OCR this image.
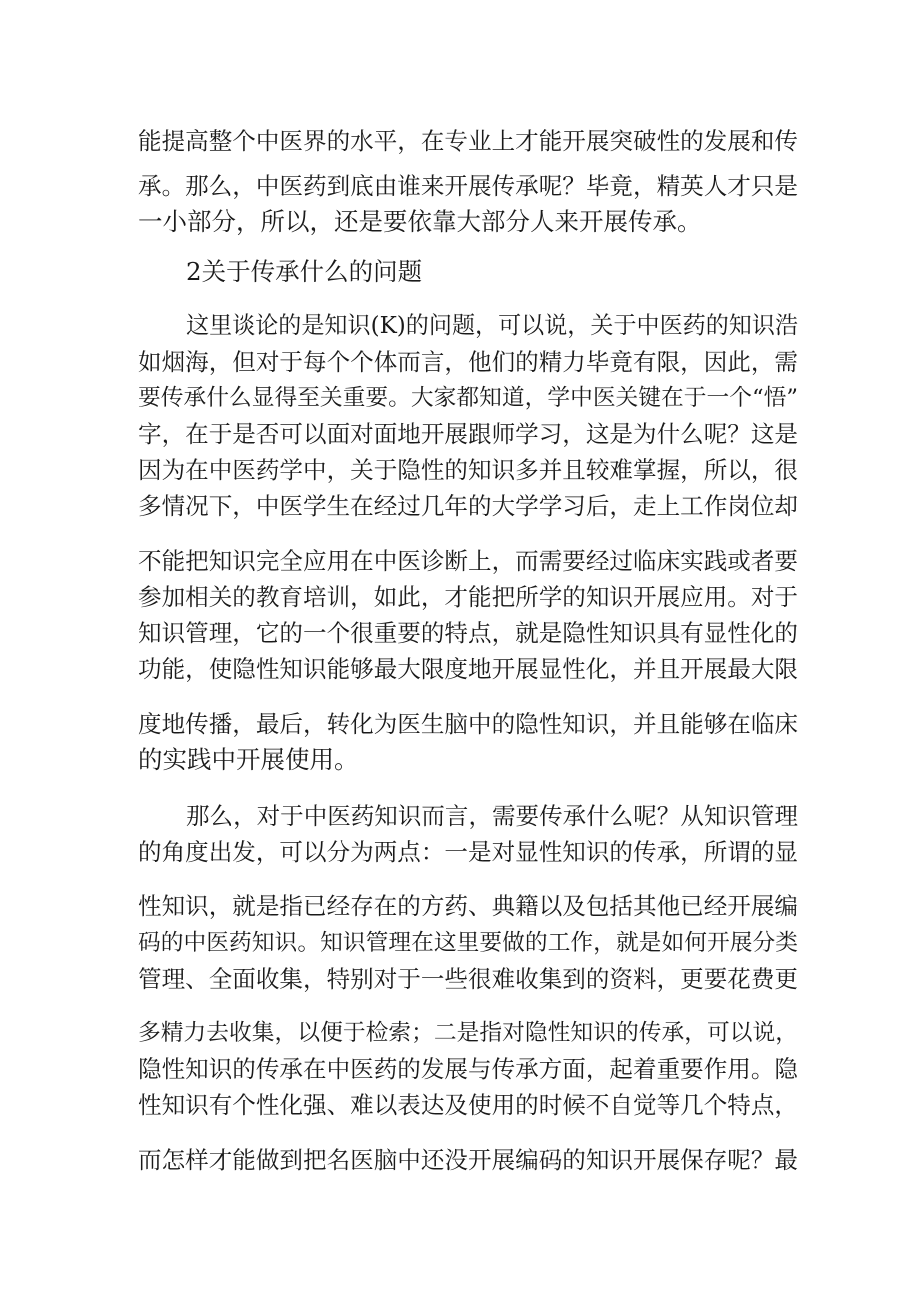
能提高整个中医界的水平，在专业上才能开展突破性的发展和传
承。那么，中医药到底由谁来开展传承呢？毕竟，精英人才只是
一小部分，所以，还是要依靠大部分人来开展传承。
2关于传承什么的问题
这里谈论的是知识(K)的问题，可以说，关于中医药的知识浩
如烟海，但对于每个个体而言，他们的精力毕竟有限，因此，需
要传承什么显得至关重要。大家都知道，学中医关键在于一个“悟”
字，在于是否可以面对面地开展跟师学习，这是为什么呢？这是
因为在中医药学中，关于隐性的知识多并且较难掌握，所以，很
多情况下，中医学生在经过几年的大学学习后，走上工作岗位却
不能把知识完全应用在中医诊断上，而需要经过临床实践或者要
参加相关的教育培训，如此，才能把所学的知识开展应用。对于
知识管理，它的一个很重要的特点，就是隐性知识具有显性化的
功能，使隐性知识能够最大限度地开展显性化，并且开展最大限
度地传播，最后，转化为医生脑中的隐性知识，并且能够在临床
的实践中开展使用。
那么，对于中医药知识而言，需要传承什么呢？从知识管理
的角度出发，可以分为两点：一是对显性知识的传承，所谓的显
性知识，就是指已经存在的方药、典籍以及包括其他已经开展编
码的中医药知识。知识管理在这里要做的工作，就是如何开展分类
管理、全面收集，特别对于一些很难收集到的资料，更要花费更
多精力去收集，以便于检索；二是指对隐性知识的传承，可以说，
隐性知识的传承在中医药的发展与传承方面，起着重要作用。隐
性知识有个性化强、难以表达及使用的时候不自觉等几个特点，
而怎样才能做到把名医脑中还没开展编码的知识开展保存呢？最
